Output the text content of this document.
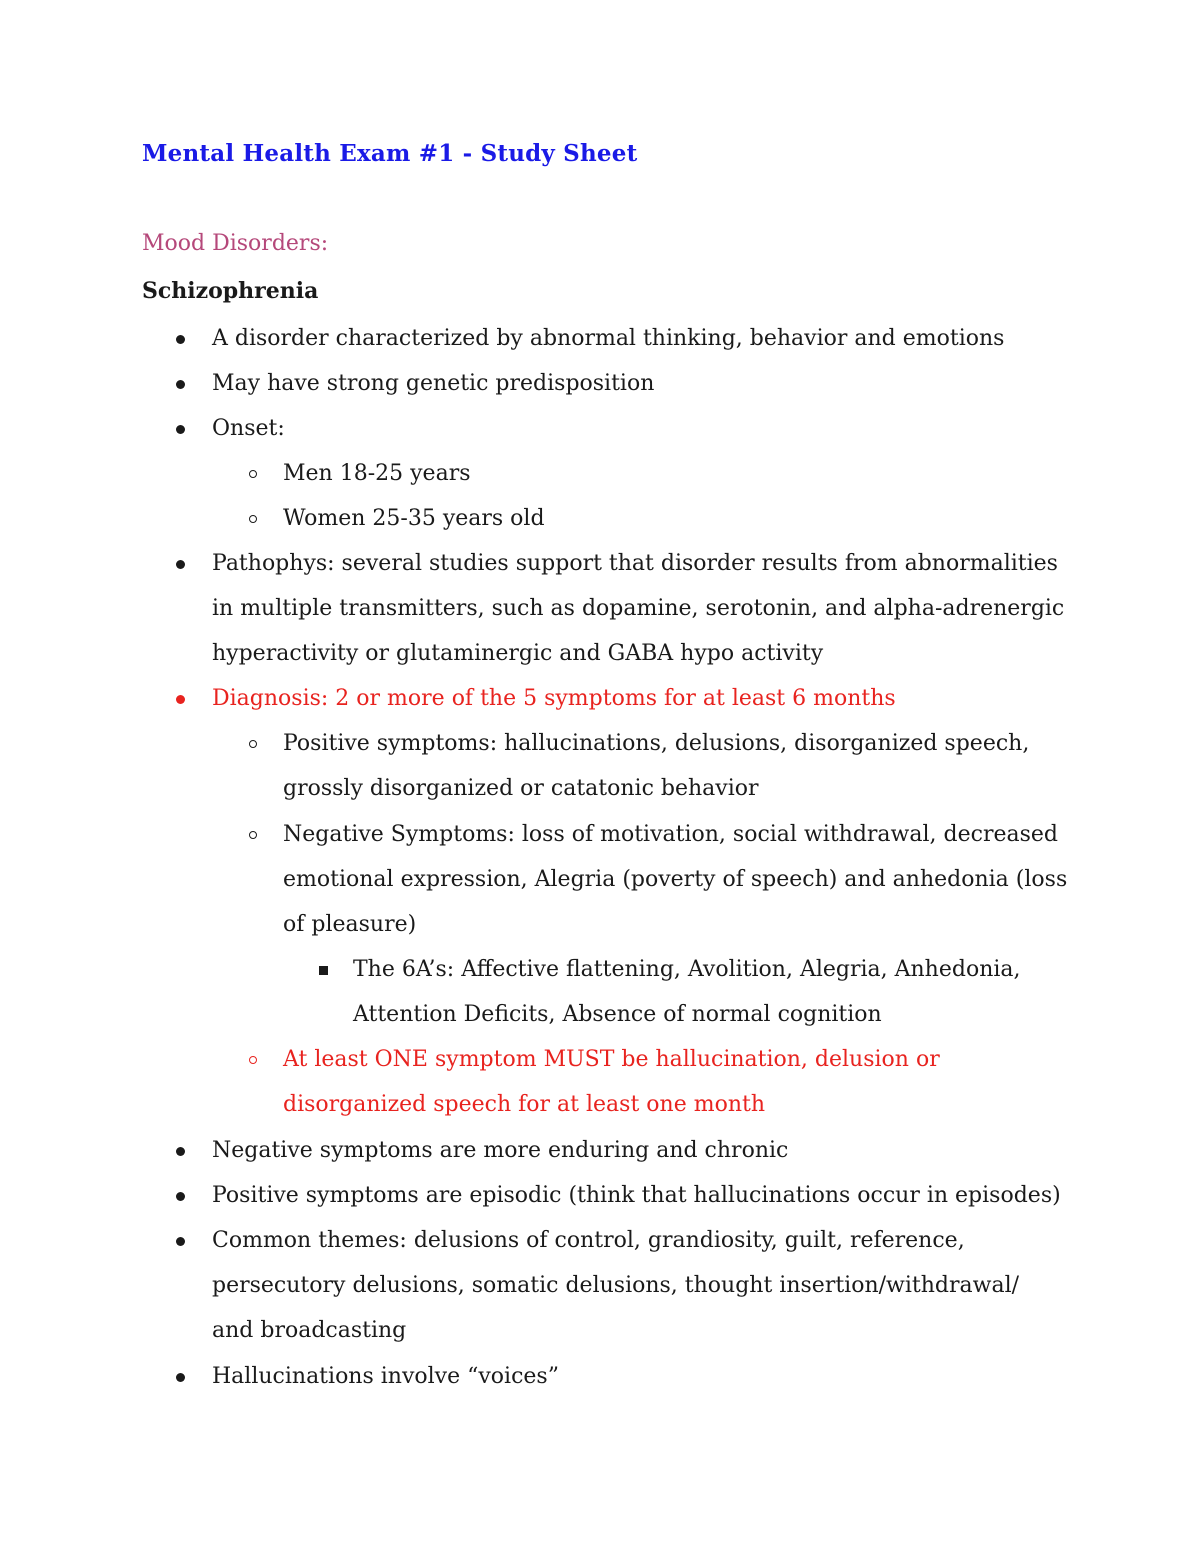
Mental Health Exam #1 - Study Sheet
Mood Disorders:
Schizophrenia
A disorder characterized by abnormal thinking, behavior and emotions
May have strong genetic predisposition
Onset:
Men 18-25 years
Women 25-35 years old
Pathophys: several studies support that disorder results from abnormalities
in multiple transmitters, such as dopamine, serotonin, and alpha-adrenergic
hyperactivity or glutaminergic and GABA hypo activity
Diagnosis: 2 or more of the 5 symptoms for at least 6 months
Positive symptoms: hallucinations, delusions, disorganized speech,
grossly disorganized or catatonic behavior
Negative Symptoms: loss of motivation, social withdrawal, decreased
emotional expression, Alegria (poverty of speech) and anhedonia (loss
of pleasure)
The 6A’s: Affective flattening, Avolition, Alegria, Anhedonia,
Attention Deficits, Absence of normal cognition
At least ONE symptom MUST be hallucination, delusion or
disorganized speech for at least one month
Negative symptoms are more enduring and chronic
Positive symptoms are episodic (think that hallucinations occur in episodes)
Common themes: delusions of control, grandiosity, guilt, reference,
persecutory delusions, somatic delusions, thought insertion/withdrawal/
and broadcasting
Hallucinations involve “voices”
